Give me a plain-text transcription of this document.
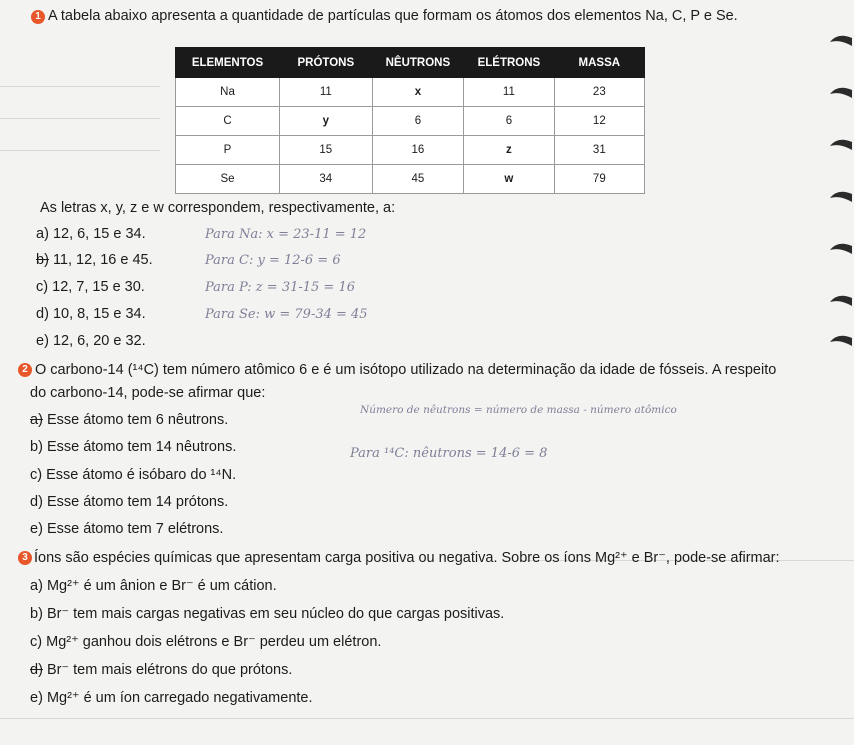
1 A tabela abaixo apresenta a quantidade de partículas que formam os átomos dos elementos Na, C, P e Se.
ELEMENTOS	PRÓTONS	NÊUTRONS	ELÉTRONS	MASSA
Na	11	x	11	23
C	y	6	6	12
P	15	16	z	31
Se	34	45	w	79
As letras x, y, z e w correspondem, respectivamente, a:
a) 12, 6, 15 e 34.
b) 11, 12, 16 e 45.
c) 12, 7, 15 e 30.
d) 10, 8, 15 e 34.
e) 12, 6, 20 e 32.
Para Na: x = 23-11 = 12
Para C: y = 12-6 = 6
Para P: z = 31-15 = 16
Para Se: w = 79-34 = 45
2 O carbono-14 (¹⁴C) tem número atômico 6 e é um isótopo utilizado na determinação da idade de fósseis. A respeito
do carbono-14, pode-se afirmar que:
a) Esse átomo tem 6 nêutrons.
b) Esse átomo tem 14 nêutrons.
c) Esse átomo é isóbaro do ¹⁴N.
d) Esse átomo tem 14 prótons.
e) Esse átomo tem 7 elétrons.
Número de nêutrons = número de massa - número atômico
Para ¹⁴C: nêutrons = 14-6 = 8
3 Íons são espécies químicas que apresentam carga positiva ou negativa. Sobre os íons Mg²⁺ e Br⁻, pode-se afirmar:
a) Mg²⁺ é um ânion e Br⁻ é um cátion.
b) Br⁻ tem mais cargas negativas em seu núcleo do que cargas positivas.
c) Mg²⁺ ganhou dois elétrons e Br⁻ perdeu um elétron.
d) Br⁻ tem mais elétrons do que prótons.
e) Mg²⁺ é um íon carregado negativamente.
